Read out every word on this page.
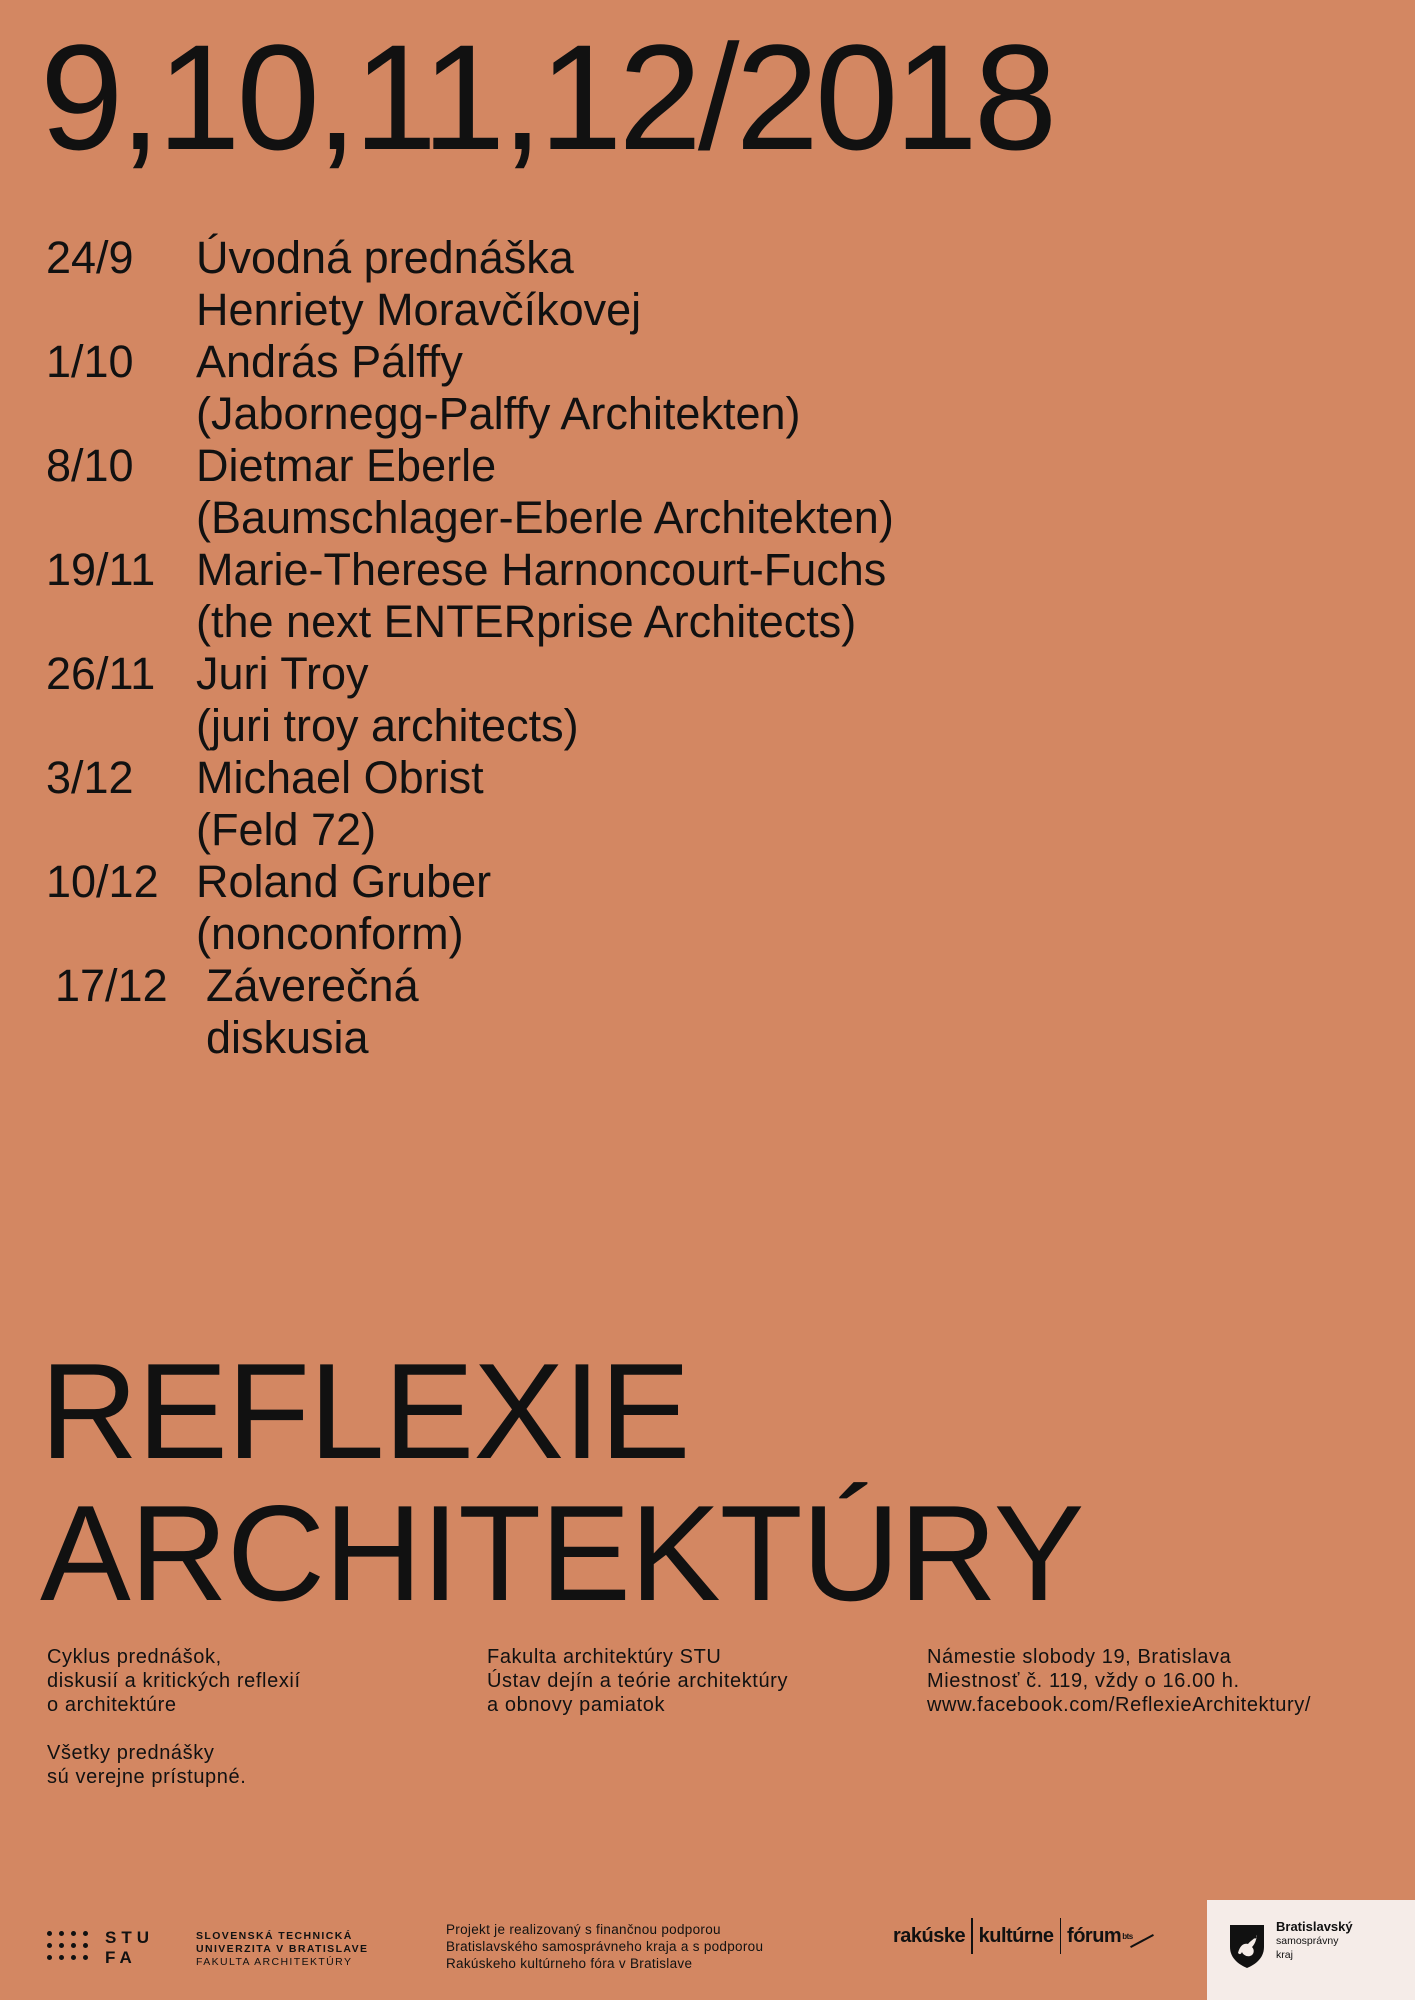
9,10,11,12/2018
24/9 Úvodná prednáška
Henriety Moravčíkovej
1/10 András Pálffy
(Jabornegg-Palffy Architekten)
8/10 Dietmar Eberle
(Baumschlager-Eberle Architekten)
19/11 Marie-Therese Harnoncourt-Fuchs
(the next ENTERprise Architects)
26/11 Juri Troy
(juri troy architects)
3/12 Michael Obrist
(Feld 72)
10/12 Roland Gruber
(nonconform)
17/12 Záverečná
diskusia
REFLEXIE
ARCHITEKTÚRY
Cyklus prednášok,
diskusií a kritických reflexií
o architektúre
Všetky prednášky
sú verejne prístupné.
Fakulta architektúry STU
Ústav dejín a teórie architektúry
a obnovy pamiatok
Námestie slobody 19, Bratislava
Miestnosť č. 119, vždy o 16.00 h.
www.facebook.com/ReflexieArchitektury/
STU
FA
SLOVENSKÁ TECHNICKÁ
UNIVERZITA V BRATISLAVE
FAKULTA ARCHITEKTÚRY
Projekt je realizovaný s finančnou podporou
Bratislavského samosprávneho kraja a s podporou
Rakúskeho kultúrneho fóra v Bratislave
rakúske kultúrne fórum bts
Bratislavský
samosprávny
kraj
